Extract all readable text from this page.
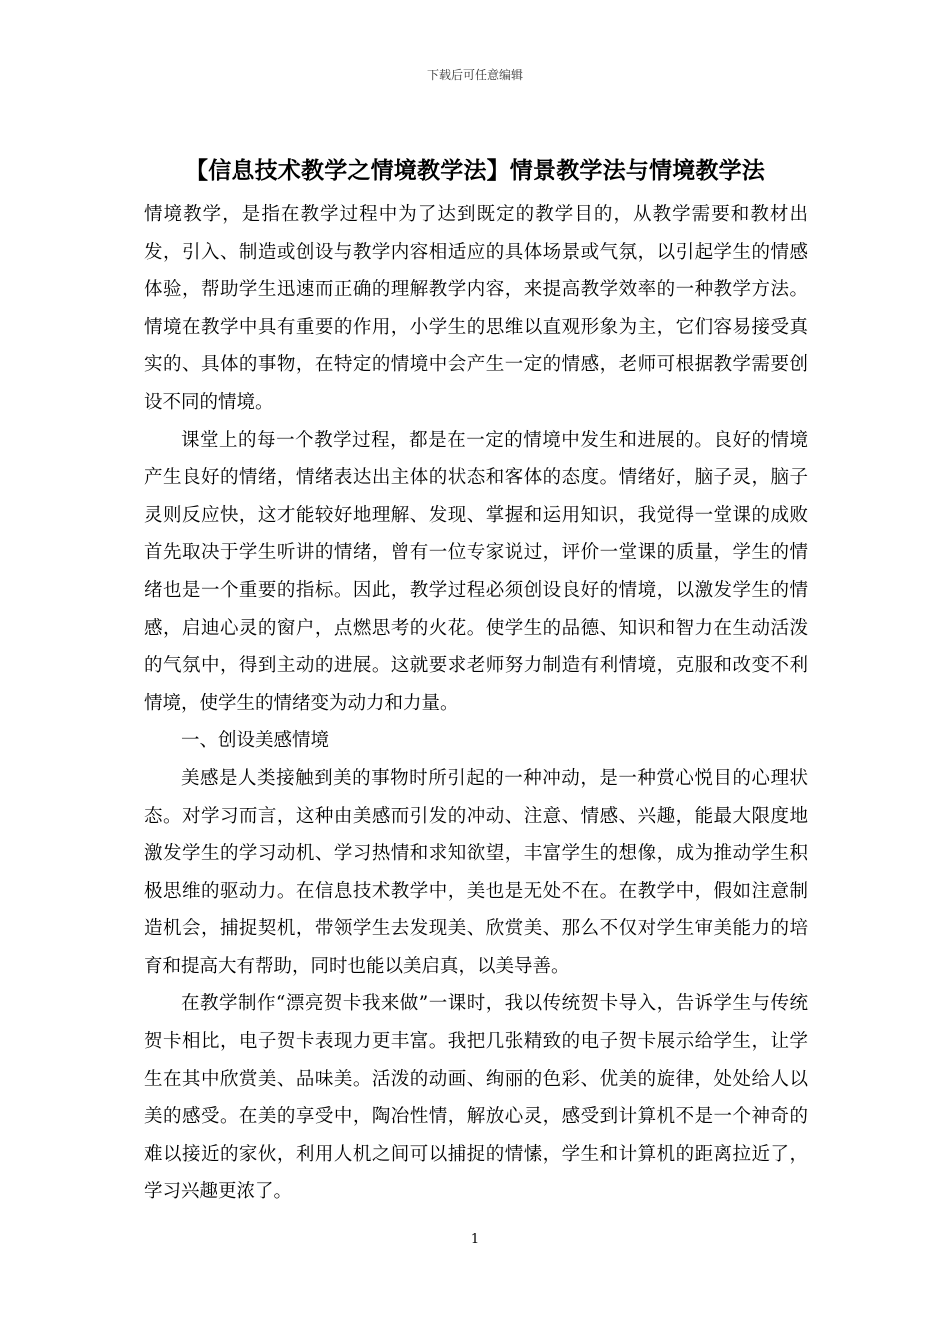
下载后可任意编辑
【信息技术教学之情境教学法】情景教学法与情境教学法

情境教学，是指在教学过程中为了达到既定的教学目的，从教学需要和教材出发，引入、制造或创设与教学内容相适应的具体场景或气氛，以引起学生的情感体验，帮助学生迅速而正确的理解教学内容，来提高教学效率的一种教学方法。情境在教学中具有重要的作用，小学生的思维以直观形象为主，它们容易接受真实的、具体的事物，在特定的情境中会产生一定的情感，老师可根据教学需要创设不同的情境。

课堂上的每一个教学过程，都是在一定的情境中发生和进展的。良好的情境产生良好的情绪，情绪表达出主体的状态和客体的态度。情绪好，脑子灵，脑子灵则反应快，这才能较好地理解、发现、掌握和运用知识，我觉得一堂课的成败首先取决于学生听讲的情绪，曾有一位专家说过，评价一堂课的质量，学生的情绪也是一个重要的指标。因此，教学过程必须创设良好的情境，以激发学生的情感，启迪心灵的窗户，点燃思考的火花。使学生的品德、知识和智力在生动活泼的气氛中，得到主动的进展。这就要求老师努力制造有利情境，克服和改变不利情境，使学生的情绪变为动力和力量。

一、创设美感情境

美感是人类接触到美的事物时所引起的一种冲动，是一种赏心悦目的心理状态。对学习而言，这种由美感而引发的冲动、注意、情感、兴趣，能最大限度地激发学生的学习动机、学习热情和求知欲望，丰富学生的想像，成为推动学生积极思维的驱动力。在信息技术教学中，美也是无处不在。在教学中，假如注意制造机会，捕捉契机，带领学生去发现美、欣赏美、那么不仅对学生审美能力的培育和提高大有帮助，同时也能以美启真，以美导善。

在教学制作“漂亮贺卡我来做”一课时，我以传统贺卡导入，告诉学生与传统贺卡相比，电子贺卡表现力更丰富。我把几张精致的电子贺卡展示给学生，让学生在其中欣赏美、品味美。活泼的动画、绚丽的色彩、优美的旋律，处处给人以美的感受。在美的享受中，陶冶性情，解放心灵，感受到计算机不是一个神奇的难以接近的家伙，利用人机之间可以捕捉的情愫，学生和计算机的距离拉近了，学习兴趣更浓了。

1
